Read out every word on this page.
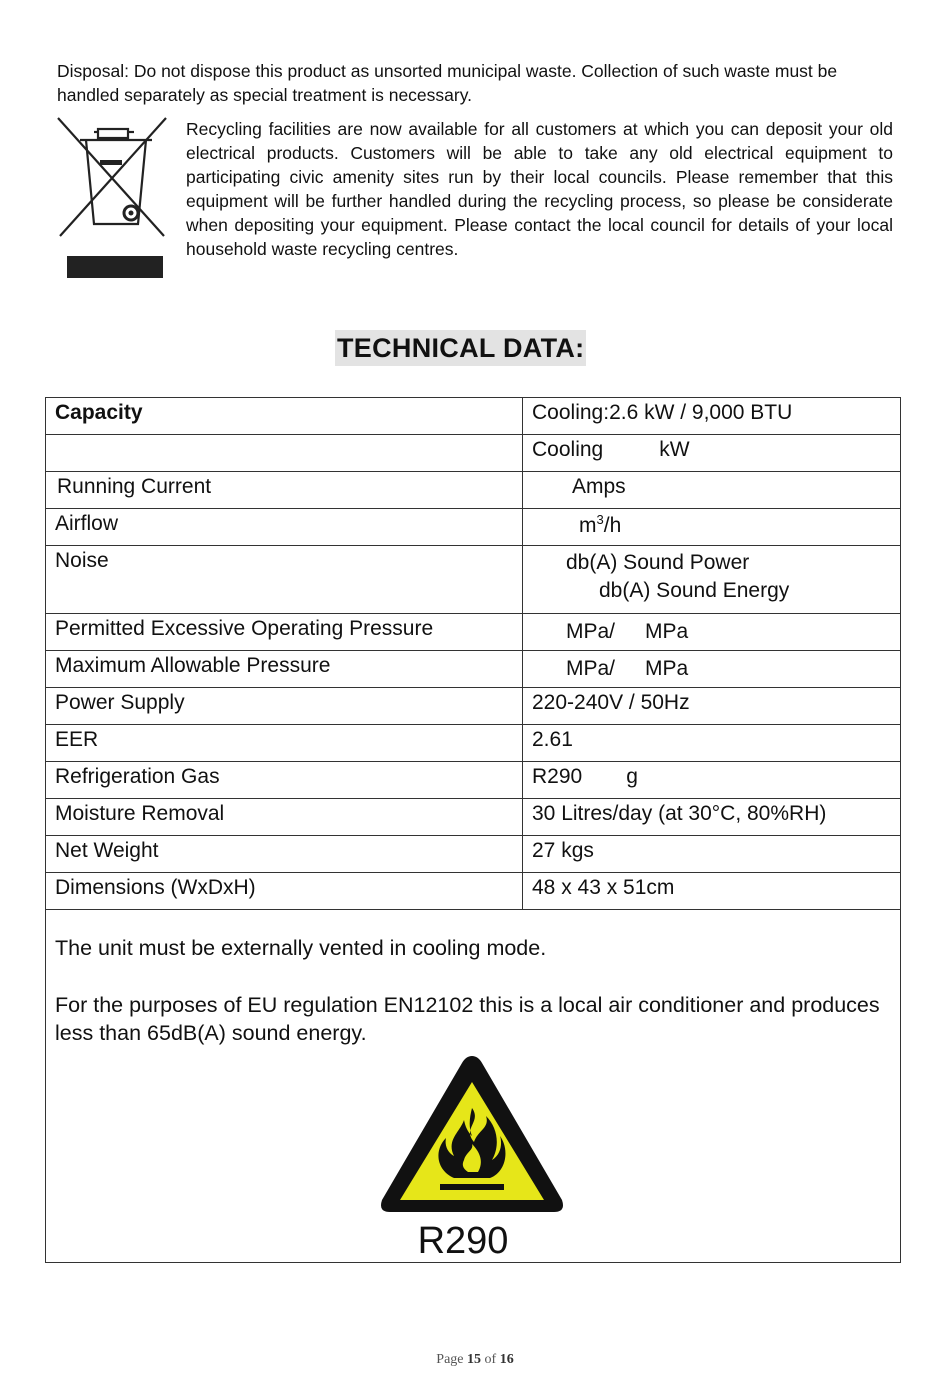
Disposal: Do not dispose this product as unsorted municipal waste. Collection of such waste must be handled separately as special treatment is necessary.
Recycling facilities are now available for all customers at which you can deposit your old electrical products. Customers will be able to take any old electrical equipment to participating civic amenity sites run by their local councils. Please remember that this equipment will be further handled during the recycling process, so please be considerate when depositing your equipment. Please contact the local council for details of your local household waste recycling centres.
TECHNICAL DATA:
Capacity	Cooling:2.6 kW / 9,000 BTU
	Cooling kW
Running Current	Amps
Airflow	$m^3/h$
Noise	db(A) Sound Power
db(A) Sound Energy
Permitted Excessive Operating Pressure	MPa/ MPa
Maximum Allowable Pressure	MPa/ MPa
Power Supply	220-240V / 50Hz
EER	2.61
Refrigeration Gas	R290 g
Moisture Removal	30 Litres/day (at 30°C, 80%RH)
Net Weight	27 kgs
Dimensions (WxDxH)	48 x 43 x 51cm
The unit must be externally vented in cooling mode.
For the purposes of EU regulation EN12102 this is a local air conditioner and produces less than 65dB(A) sound energy.
R290
Page 15 of 16
